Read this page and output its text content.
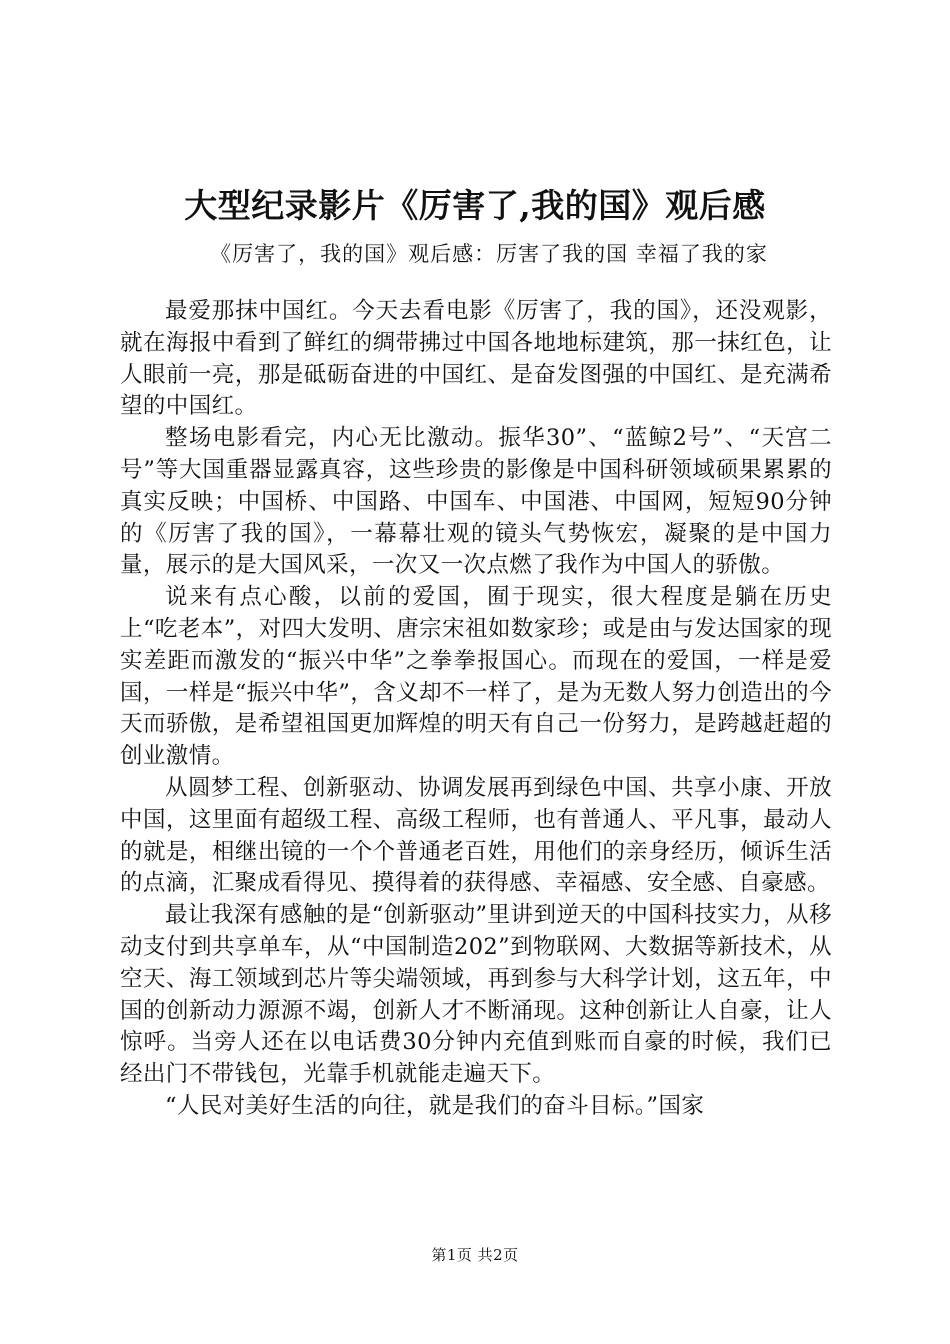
大型纪录影片《厉害了,我的国》观后感
《厉害了，我的国》观后感：厉害了我的国 幸福了我的家

最爱那抹中国红。今天去看电影《厉害了，我的国》，还没观影，就在海报中看到了鲜红的绸带拂过中国各地地标建筑，那一抹红色，让人眼前一亮，那是砥砺奋进的中国红、是奋发图强的中国红、是充满希望的中国红。

整场电影看完，内心无比激动。振华30”、“蓝鲸2号”、“天宫二号”等大国重器显露真容，这些珍贵的影像是中国科研领域硕果累累的真实反映；中国桥、中国路、中国车、中国港、中国网，短短90分钟的《厉害了我的国》，一幕幕壮观的镜头气势恢宏，凝聚的是中国力量，展示的是大国风采，一次又一次点燃了我作为中国人的骄傲。

说来有点心酸，以前的爱国，囿于现实，很大程度是躺在历史上“吃老本”，对四大发明、唐宗宋祖如数家珍；或是由与发达国家的现实差距而激发的“振兴中华”之拳拳报国心。而现在的爱国，一样是爱国，一样是“振兴中华”，含义却不一样了，是为无数人努力创造出的今天而骄傲，是希望祖国更加辉煌的明天有自己一份努力，是跨越赶超的创业激情。

从圆梦工程、创新驱动、协调发展再到绿色中国、共享小康、开放中国，这里面有超级工程、高级工程师，也有普通人、平凡事，最动人的就是，相继出镜的一个个普通老百姓，用他们的亲身经历，倾诉生活的点滴，汇聚成看得见、摸得着的获得感、幸福感、安全感、自豪感。

最让我深有感触的是“创新驱动”里讲到逆天的中国科技实力，从移动支付到共享单车，从“中国制造202”到物联网、大数据等新技术，从空天、海工领域到芯片等尖端领域，再到参与大科学计划，这五年，中国的创新动力源源不竭，创新人才不断涌现。这种创新让人自豪，让人惊呼。当旁人还在以电话费30分钟内充值到账而自豪的时候，我们已经出门不带钱包，光靠手机就能走遍天下。

“人民对美好生活的向往，就是我们的奋斗目标。”国家

第1页 共2页
